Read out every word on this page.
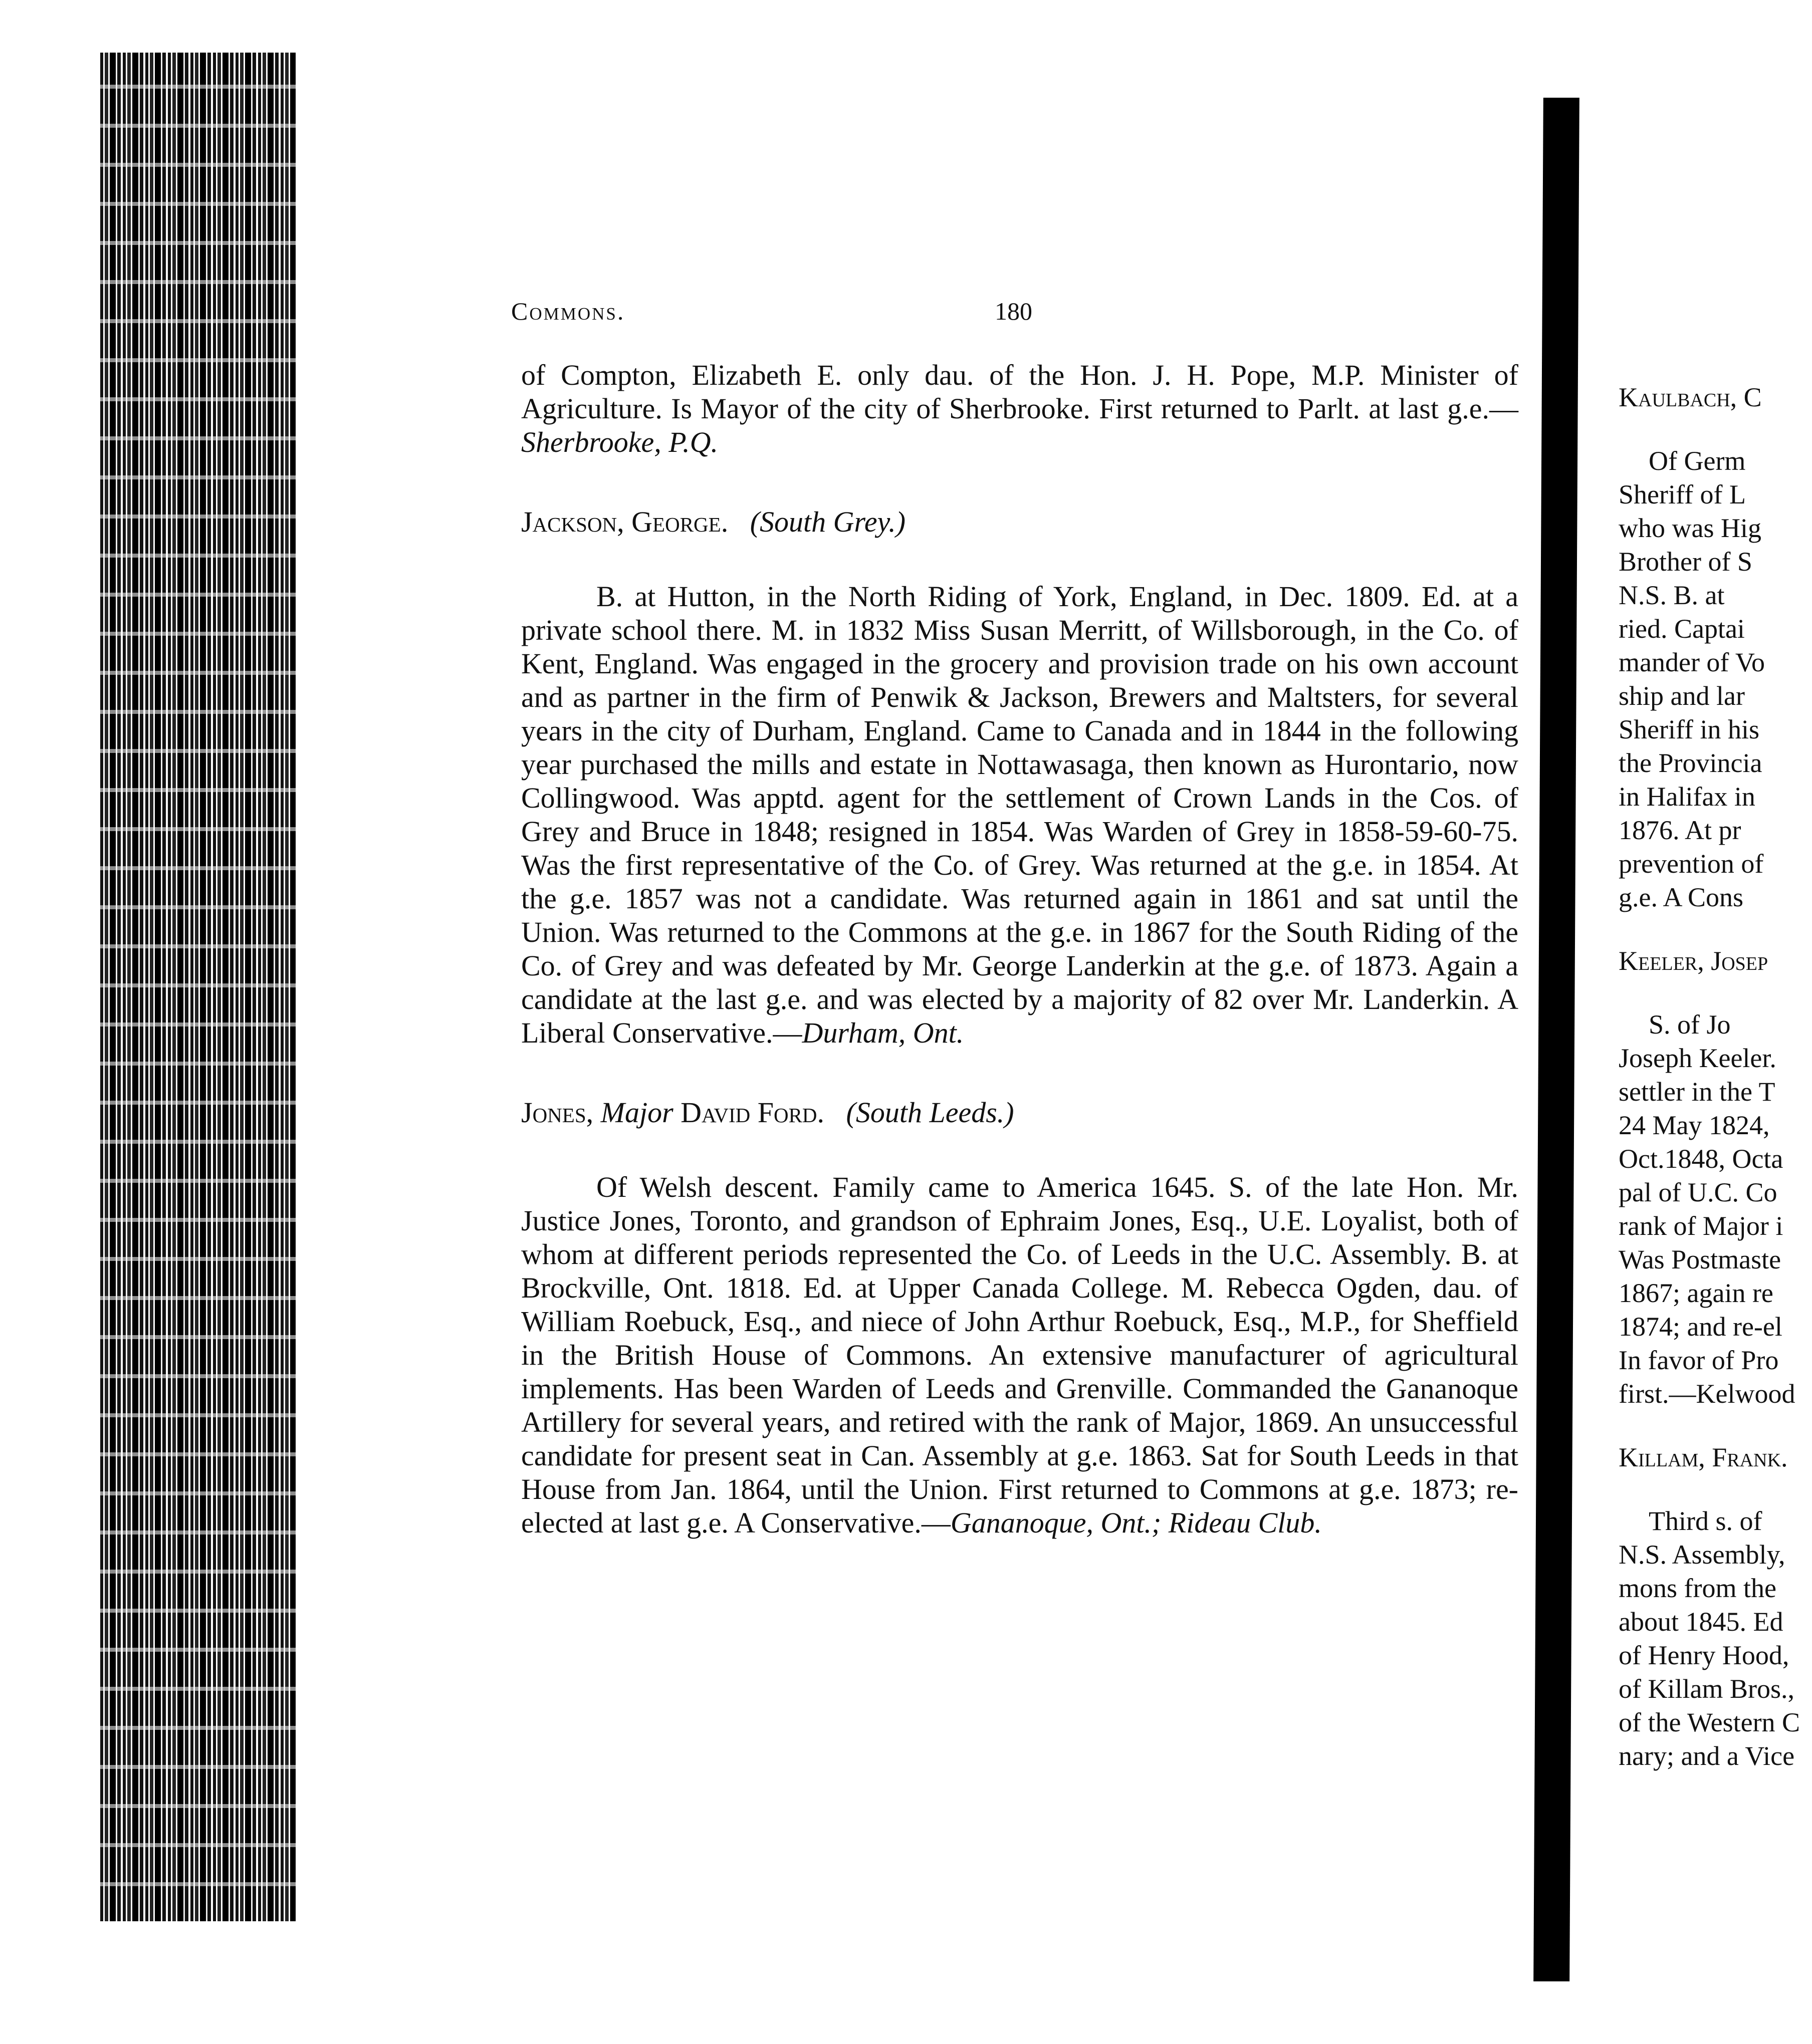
Commons.	180

of Compton, Elizabeth E. only dau. of the Hon. J. H. Pope, M.P. Minister of Agriculture. Is Mayor of the city of Sherbrooke. First returned to Parlt. at last g.e.—Sherbrooke, P.Q.

Jackson, George. (South Grey.)

B. at Hutton, in the North Riding of York, England, in Dec. 1809. Ed. at a private school there. M. in 1832 Miss Susan Merritt, of Willsborough, in the Co. of Kent, England. Was engaged in the grocery and provision trade on his own account and as partner in the firm of Penwik & Jackson, Brewers and Maltsters, for several years in the city of Durham, England. Came to Canada and in 1844 in the following year purchased the mills and estate in Nottawasaga, then known as Hurontario, now Collingwood. Was apptd. agent for the settlement of Crown Lands in the Cos. of Grey and Bruce in 1848; resigned in 1854. Was Warden of Grey in 1858-59-60-75. Was the first representative of the Co. of Grey. Was returned at the g.e. in 1854. At the g.e. 1857 was not a candidate. Was returned again in 1861 and sat until the Union. Was returned to the Commons at the g.e. in 1867 for the South Riding of the Co. of Grey and was defeated by Mr. George Landerkin at the g.e. of 1873. Again a candidate at the last g.e. and was elected by a majority of 82 over Mr. Landerkin. A Liberal Conservative.—Durham, Ont.

Jones, Major David Ford. (South Leeds.)

Of Welsh descent. Family came to America 1645. S. of the late Hon. Mr. Justice Jones, Toronto, and grandson of Ephraim Jones, Esq., U.E. Loyalist, both of whom at different periods represented the Co. of Leeds in the U.C. Assembly. B. at Brockville, Ont. 1818. Ed. at Upper Canada College. M. Rebecca Ogden, dau. of William Roebuck, Esq., and niece of John Arthur Roebuck, Esq., M.P., for Sheffield in the British House of Commons. An extensive manufacturer of agricultural implements. Has been Warden of Leeds and Grenville. Commanded the Gananoque Artillery for several years, and retired with the rank of Major, 1869. An unsuccessful candidate for present seat in Can. Assembly at g.e. 1863. Sat for South Leeds in that House from Jan. 1864, until the Union. First returned to Commons at g.e. 1873; re-elected at last g.e. A Conservative.—Gananoque, Ont.; Rideau Club.

Kaulbach, C
Of Germ
Sheriff of L
who was Hig
Brother of S
N.S. B. at
ried. Captai
mander of Vo
ship and lar
Sheriff in his
the Provincia
in Halifax in
1876. At pr
prevention of
g.e. A Cons
Keeler, Josep
S. of Jo
Joseph Keeler.
settler in the T
24 May 1824,
Oct.1848, Octa
pal of U.C. Co
rank of Major i
Was Postmaste
1867; again re
1874; and re-el
In favor of Pro
first.—Kelwood
Killam, Frank.
Third s. of
N.S. Assembly,
mons from the
about 1845. Ed
of Henry Hood,
of Killam Bros.,
of the Western C
nary; and a Vice
